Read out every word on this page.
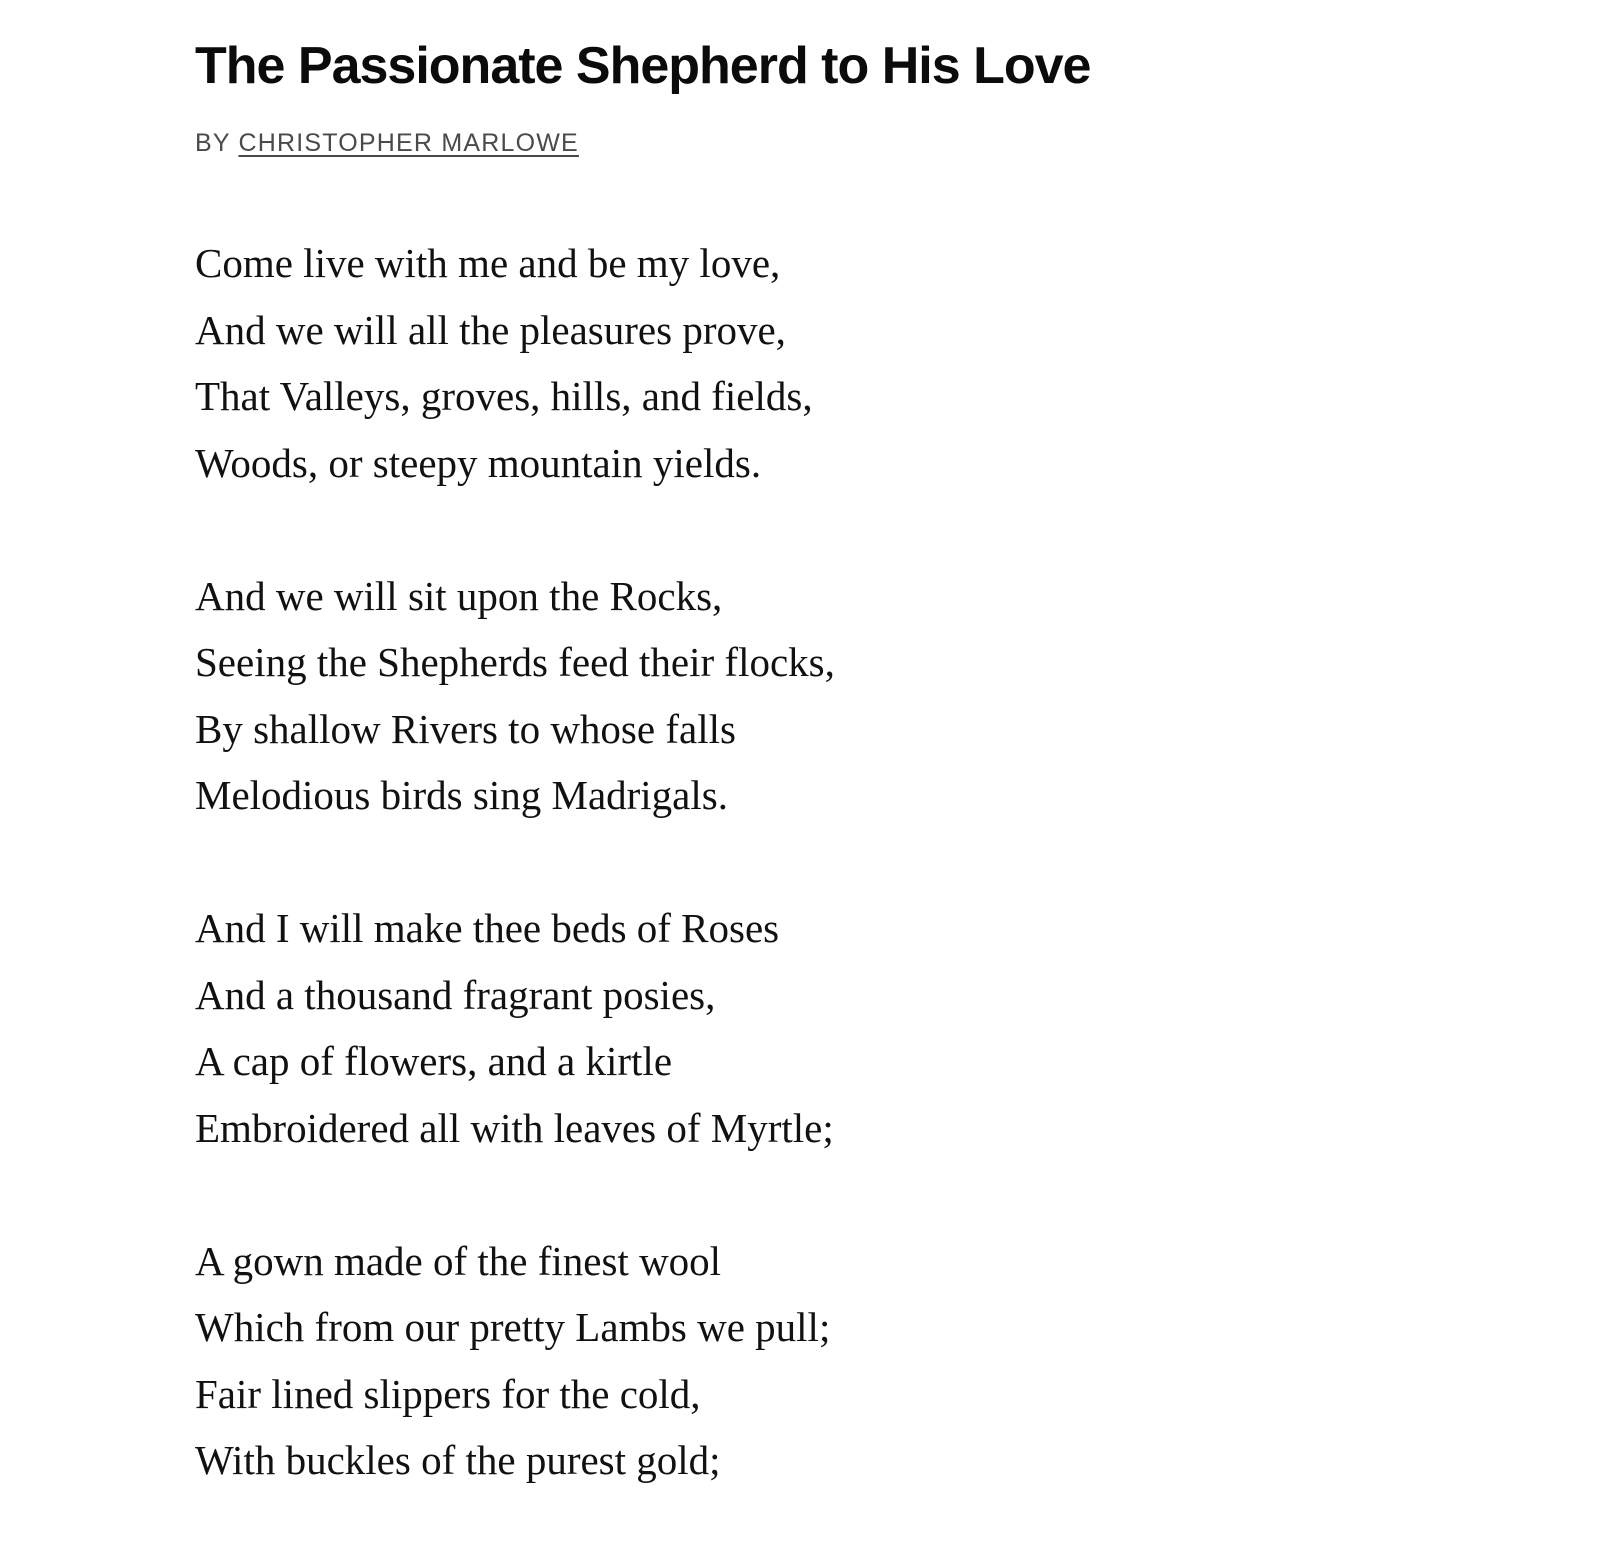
The Passionate Shepherd to His Love
BY CHRISTOPHER MARLOWE
Come live with me and be my love,
And we will all the pleasures prove,
That Valleys, groves, hills, and fields,
Woods, or steepy mountain yields.
And we will sit upon the Rocks,
Seeing the Shepherds feed their flocks,
By shallow Rivers to whose falls
Melodious birds sing Madrigals.
And I will make thee beds of Roses
And a thousand fragrant posies,
A cap of flowers, and a kirtle
Embroidered all with leaves of Myrtle;
A gown made of the finest wool
Which from our pretty Lambs we pull;
Fair lined slippers for the cold,
With buckles of the purest gold;
